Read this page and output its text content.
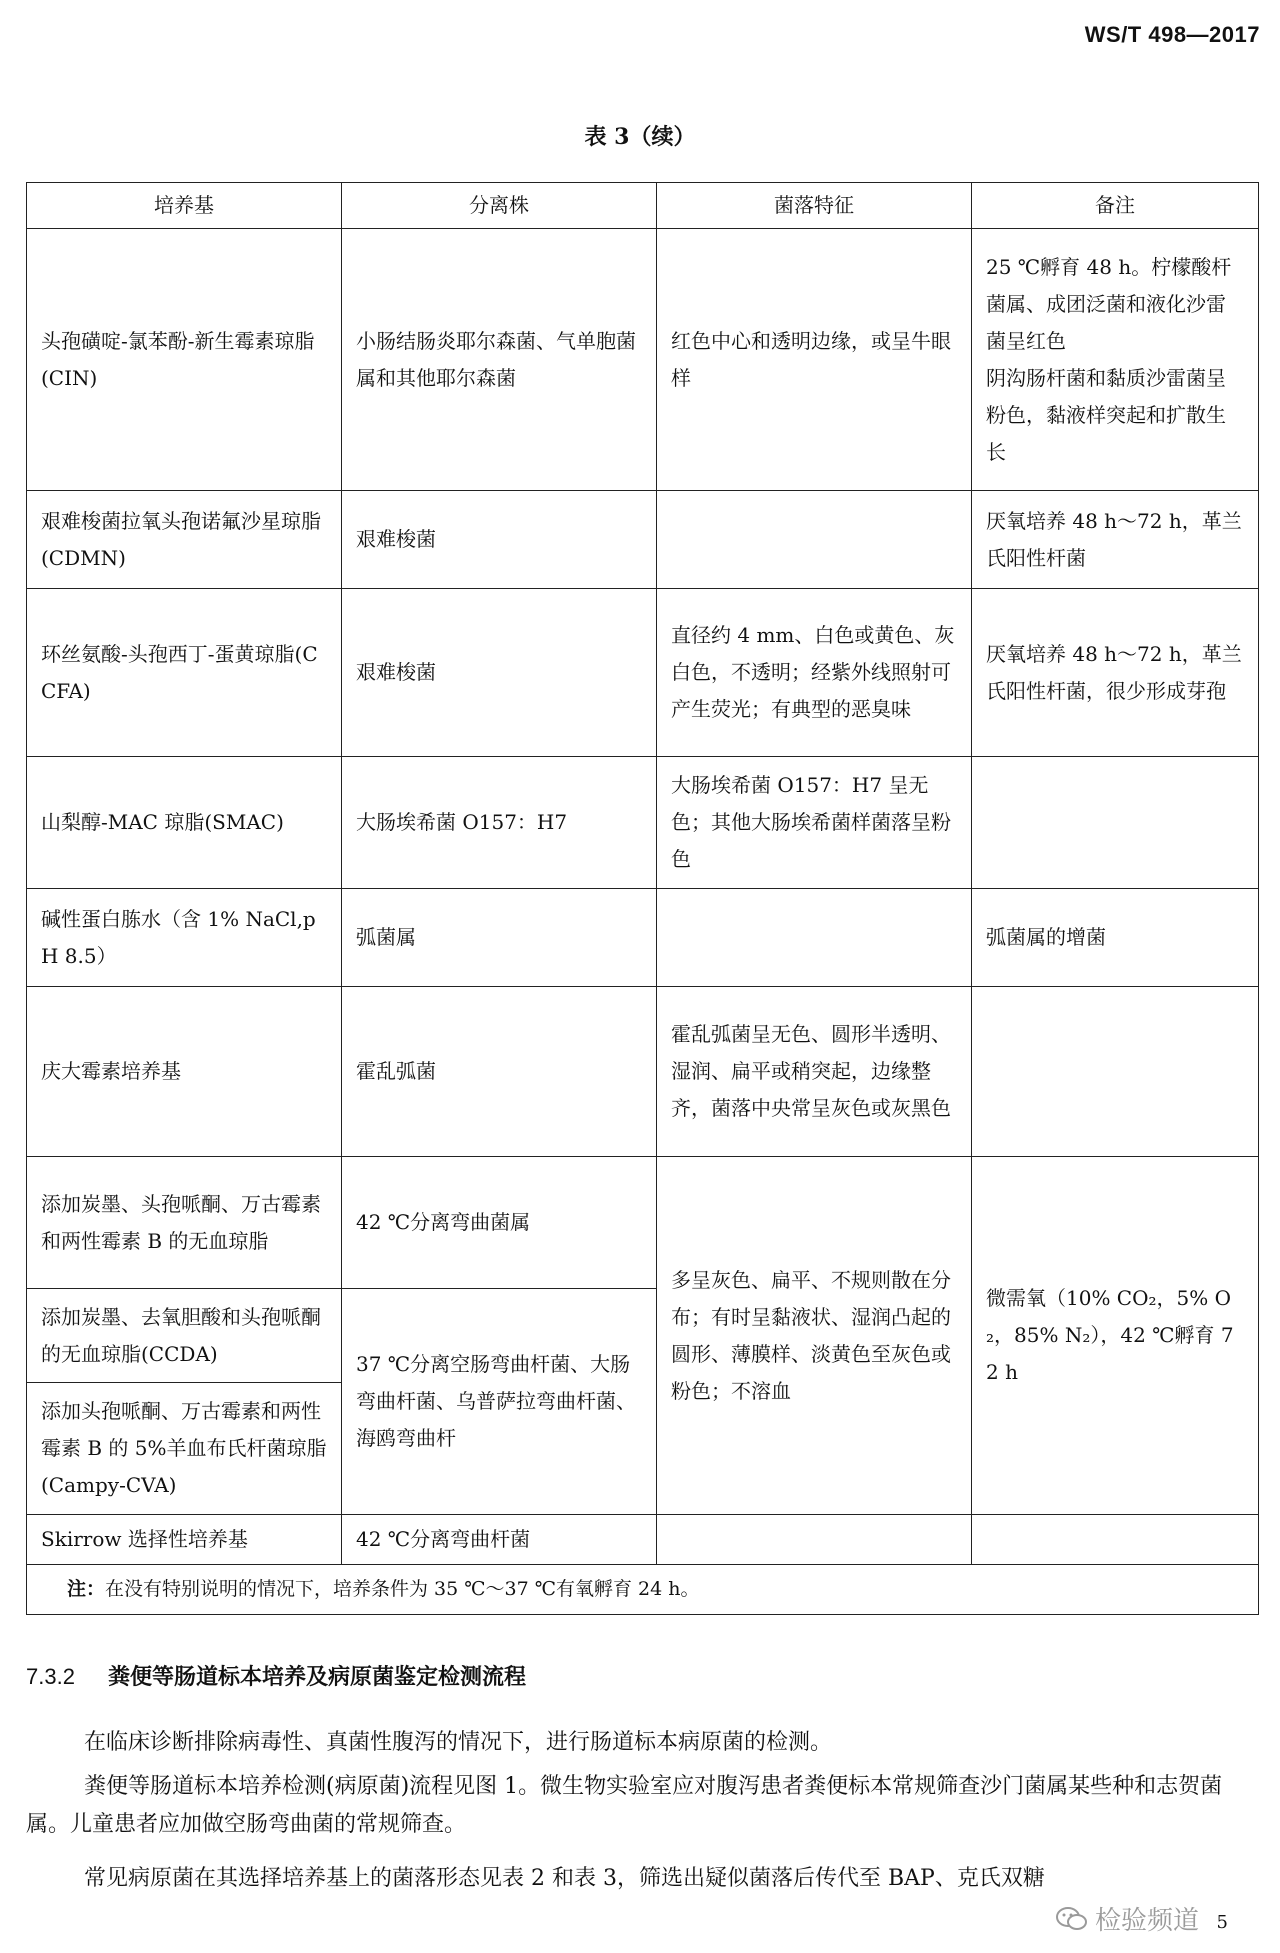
WS/T 498—2017
表 3（续）
培养基	分离株	菌落特征	备注
头孢磺啶-氯苯酚-新生霉素琼脂(CIN)	小肠结肠炎耶尔森菌、气单胞菌属和其他耶尔森菌	红色中心和透明边缘，或呈牛眼样	25 ℃孵育 48 h。柠檬酸杆菌属、成团泛菌和液化沙雷菌呈红色
阴沟肠杆菌和黏质沙雷菌呈粉色，黏液样突起和扩散生长

艰难梭菌拉氧头孢诺氟沙星琼脂(CDMN)	艰难梭菌		厌氧培养 48 h～72 h，革兰氏阳性杆菌
环丝氨酸-头孢西丁-蛋黄琼脂(CCFA)	艰难梭菌	直径约 4 mm、白色或黄色、灰白色，不透明；经紫外线照射可产生荧光；有典型的恶臭味	厌氧培养 48 h～72 h，革兰氏阳性杆菌，很少形成芽孢
山梨醇-MAC 琼脂(SMAC)	大肠埃希菌 O157：H7	大肠埃希菌 O157：H7 呈无色；其他大肠埃希菌样菌落呈粉色	
碱性蛋白胨水（含 1% NaCl,pH 8.5）	弧菌属		弧菌属的增菌
庆大霉素培养基	霍乱弧菌	霍乱弧菌呈无色、圆形半透明、湿润、扁平或稍突起，边缘整齐，菌落中央常呈灰色或灰黑色	
添加炭墨、头孢哌酮、万古霉素和两性霉素 B 的无血琼脂	42 ℃分离弯曲菌属	多呈灰色、扁平、不规则散在分布；有时呈黏液状、湿润凸起的圆形、薄膜样、淡黄色至灰色或粉色；不溶血	微需氧（10% CO₂，5% O₂，85% N₂），42 ℃孵育 72 h
添加炭墨、去氧胆酸和头孢哌酮的无血琼脂(CCDA)	37 ℃分离空肠弯曲杆菌、大肠弯曲杆菌、乌普萨拉弯曲杆菌、海鸥弯曲杆		
添加头孢哌酮、万古霉素和两性霉素 B 的 5%羊血布氏杆菌琼脂(Campy-CVA)			
Skirrow 选择性培养基	42 ℃分离弯曲杆菌		
注：在没有特别说明的情况下，培养条件为 35 ℃～37 ℃有氧孵育 24 h。			
7.3.2 粪便等肠道标本培养及病原菌鉴定检测流程
在临床诊断排除病毒性、真菌性腹泻的情况下，进行肠道标本病原菌的检测。
粪便等肠道标本培养检测(病原菌)流程见图 1。微生物实验室应对腹泻患者粪便标本常规筛查沙门菌属某些种和志贺菌属。儿童患者应加做空肠弯曲菌的常规筛查。
常见病原菌在其选择培养基上的菌落形态见表 2 和表 3，筛选出疑似菌落后传代至 BAP、克氏双糖
检验频道 5
